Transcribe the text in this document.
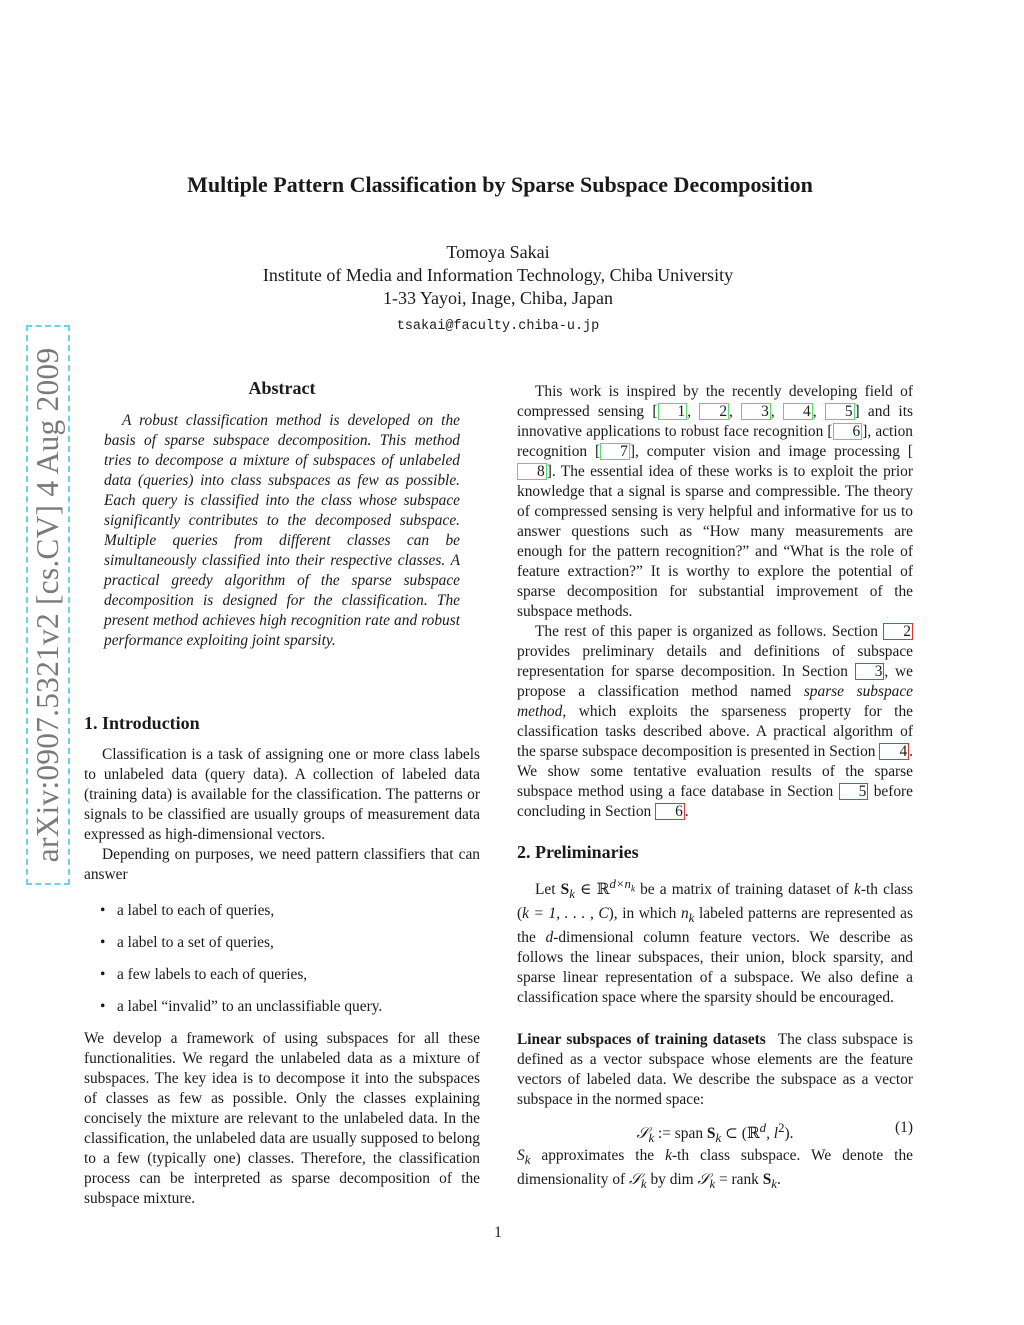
arXiv:0907.5321v2 [cs.CV] 4 Aug 2009
Multiple Pattern Classification by Sparse Subspace Decomposition
Tomoya Sakai
Institute of Media and Information Technology, Chiba University
1-33 Yayoi, Inage, Chiba, Japan
tsakai@faculty.chiba-u.jp
Abstract

A robust classification method is developed on the basis of sparse subspace decomposition. This method tries to decompose a mixture of subspaces of unlabeled data (queries) into class subspaces as few as possible. Each query is classified into the class whose subspace significantly contributes to the decomposed subspace. Multiple queries from different classes can be simultaneously classified into their respective classes. A practical greedy algorithm of the sparse subspace decomposition is designed for the classification. The present method achieves high recognition rate and robust performance exploiting joint sparsity.

1. Introduction

Classification is a task of assigning one or more class labels to unlabeled data (query data). A collection of labeled data (training data) is available for the classification. The patterns or signals to be classified are usually groups of measurement data expressed as high-dimensional vectors.

Depending on purposes, we need pattern classifiers that can answer

• a label to each of queries,
• a label to a set of queries,
• a few labels to each of queries,
• a label “invalid” to an unclassifiable query.

We develop a framework of using subspaces for all these functionalities. We regard the unlabeled data as a mixture of subspaces. The key idea is to decompose it into the subspaces of classes as few as possible. Only the classes explaining concisely the mixture are relevant to the unlabeled data. In the classification, the unlabeled data are usually supposed to belong to a few (typically one) classes. Therefore, the classification process can be interpreted as sparse decomposition of the subspace mixture.

This work is inspired by the recently developing field of compressed sensing [ 1 , 2 , 3 , 4 , 5 ] and its innovative applications to robust face recognition [ 6 ], action recognition [ 7 ], computer vision and image processing [8 ]. The essential idea of these works is to exploit the prior knowledge that a signal is sparse and compressible. The theory of compressed sensing is very helpful and informative for us to answer questions such as “How many measurements are enough for the pattern recognition?” and “What is the role of feature extraction?” It is worthy to explore the potential of sparse decomposition for substantial improvement of the subspace methods.

The rest of this paper is organized as follows. Section 2 provides preliminary details and definitions of subspace representation for sparse decomposition. In Section 3 , we propose a classification method named sparse subspace method, which exploits the sparseness property for the classification tasks described above. A practical algorithm of the sparse subspace decomposition is presented in Section 4 . We show some tentative evaluation results of the sparse subspace method using a face database in Section 5 before concluding in Section 6 .

2. Preliminaries

Let $S_k$ ∈ ℝ$^{d\times n_k}$ be a matrix of training dataset of k-th class (k = 1, . . . , C), in which $n_k$ labeled patterns are represented as the d-dimensional column feature vectors. We describe as follows the linear subspaces, their union, block sparsity, and sparse linear representation of a subspace. We also define a classification space where the sparsity should be encouraged.

Linear subspaces of training datasets The class subspace is defined as a vector subspace whose elements are the feature vectors of labeled data. We describe the subspace as a vector subspace in the normed space:

𝒮$_k$ := span $S_k$ ⊂ (ℝ$^d$, $l^2$).	(1)

$S_k$ approximates the k-th class subspace. We denote the dimensionality of 𝒮$_k$ by dim 𝒮$_k$ = rank $S_k$.

1
